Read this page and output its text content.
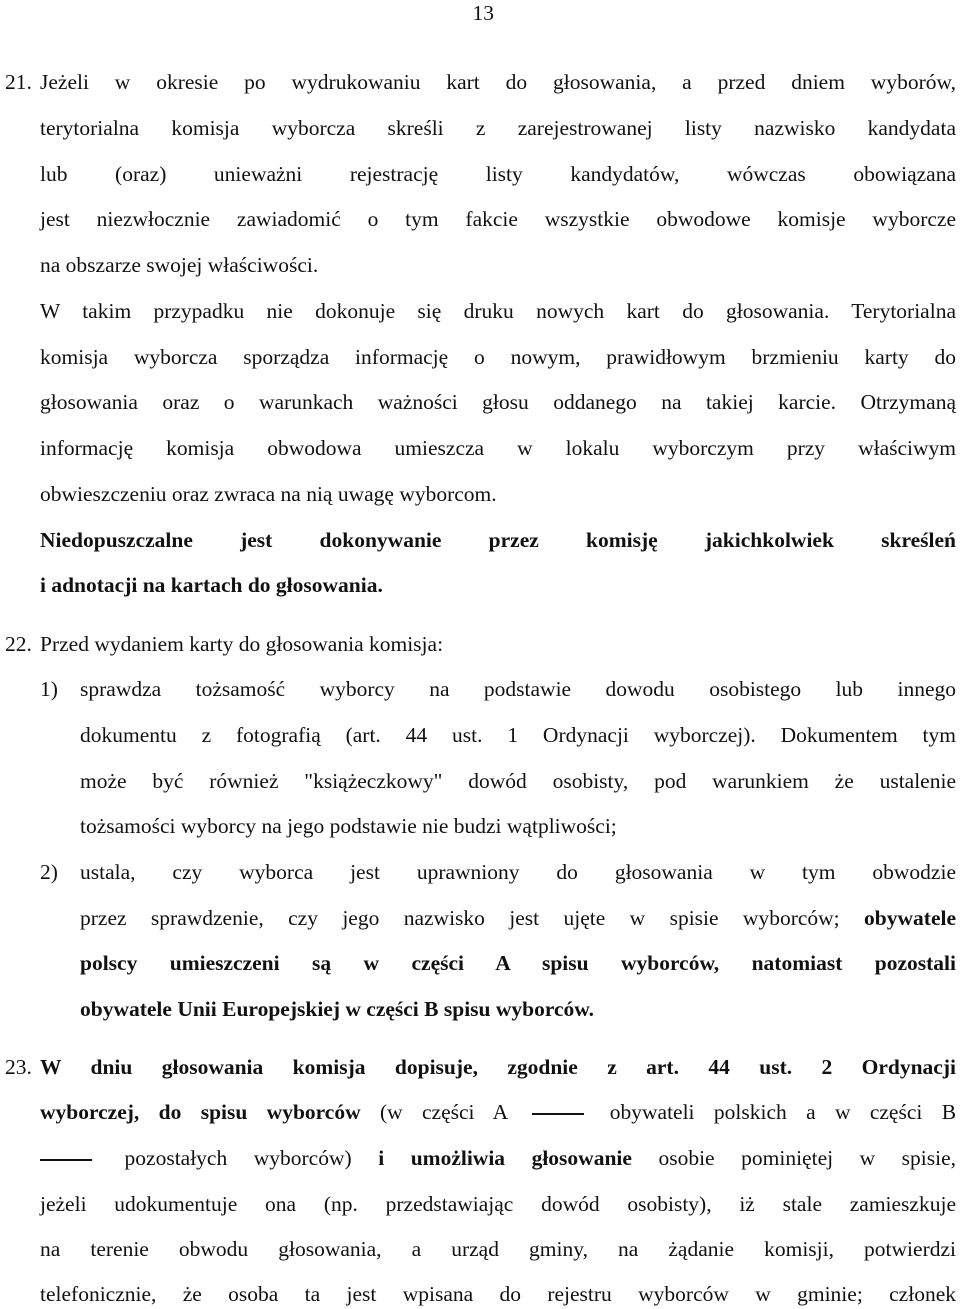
13
21. Jeżeli w okresie po wydrukowaniu kart do głosowania, a przed dniem wyborów,
terytorialna komisja wyborcza skreśli z zarejestrowanej listy nazwisko kandydata
lub (oraz) unieważni rejestrację listy kandydatów, wówczas obowiązana
jest niezwłocznie zawiadomić o tym fakcie wszystkie obwodowe komisje wyborcze
na obszarze swojej właściwości.
W takim przypadku nie dokonuje się druku nowych kart do głosowania. Terytorialna
komisja wyborcza sporządza informację o nowym, prawidłowym brzmieniu karty do
głosowania oraz o warunkach ważności głosu oddanego na takiej karcie. Otrzymaną
informację komisja obwodowa umieszcza w lokalu wyborczym przy właściwym
obwieszczeniu oraz zwraca na nią uwagę wyborcom.
Niedopuszczalne jest dokonywanie przez komisję jakichkolwiek skreśleń
i adnotacji na kartach do głosowania.
22. Przed wydaniem karty do głosowania komisja:
1)	sprawdza tożsamość wyborcy na podstawie dowodu osobistego lub innego
dokumentu z fotografią (art. 44 ust. 1 Ordynacji wyborczej). Dokumentem tym
może być również "książeczkowy" dowód osobisty, pod warunkiem że ustalenie
tożsamości wyborcy na jego podstawie nie budzi wątpliwości;
2)	ustala, czy wyborca jest uprawniony do głosowania w tym obwodzie
przez sprawdzenie, czy jego nazwisko jest ujęte w spisie wyborców; obywatele
polscy umieszczeni są w części A spisu wyborców, natomiast pozostali
obywatele Unii Europejskiej w części B spisu wyborców.
23. W dniu głosowania komisja dopisuje, zgodnie z art. 44 ust. 2 Ordynacji
wyborczej, do spisu wyborców (w części A	obywateli polskich a w części B
pozostałych wyborców) i umożliwia głosowanie osobie pominiętej w spisie,
jeżeli udokumentuje ona (np. przedstawiając dowód osobisty), iż stale zamieszkuje
na terenie obwodu głosowania, a urząd gminy, na żądanie komisji, potwierdzi
telefonicznie, że osoba ta jest wpisana do rejestru wyborców w gminie; członek
